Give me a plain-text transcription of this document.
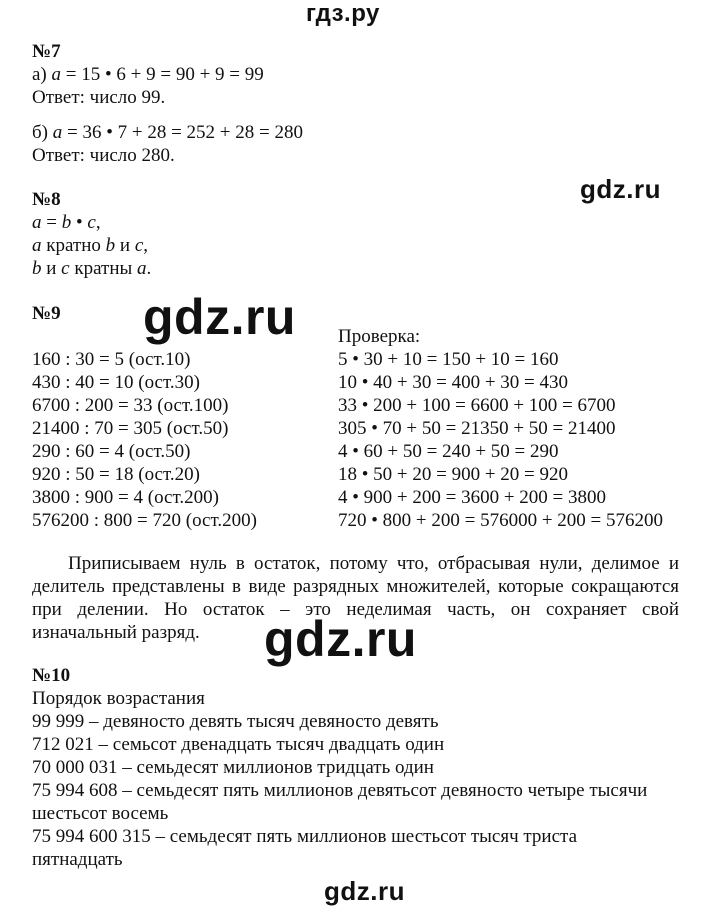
гдз.ру
gdz.ru
gdz.ru
gdz.ru
gdz.ru
№7
а) a = 15 • 6 + 9 = 90 + 9 = 99
Ответ: число 99.
б) a = 36 • 7 + 28 = 252 + 28 = 280
Ответ: число 280.
№8
a = b • c,
a кратно b и c,
b и c кратны a.
№9
Проверка:
160 : 30 = 5 (ост.10)
430 : 40 = 10 (ост.30)
6700 : 200 = 33 (ост.100)
21400 : 70 = 305 (ост.50)
290 : 60 = 4 (ост.50)
920 : 50 = 18 (ост.20)
3800 : 900 = 4 (ост.200)
576200 : 800 = 720 (ост.200)
5 • 30 + 10 = 150 + 10 = 160
10 • 40 + 30 = 400 + 30 = 430
33 • 200 + 100 = 6600 + 100 = 6700
305 • 70 + 50 = 21350 + 50 = 21400
4 • 60 + 50 = 240 + 50 = 290
18 • 50 + 20 = 900 + 20 = 920
4 • 900 + 200 = 3600 + 200 = 3800
720 • 800 + 200 = 576000 + 200 = 576200
Приписываем нуль в остаток, потому что, отбрасывая нули, делимое и делитель представлены в виде разрядных множителей, которые сокращаются при делении. Но остаток – это неделимая часть, он сохраняет свой изначальный разряд.
№10
Порядок возрастания
99 999 – девяносто девять тысяч девяносто девять
712 021 – семьсот двенадцать тысяч двадцать один
70 000 031 – семьдесят миллионов тридцать один
75 994 608 – семьдесят пять миллионов девятьсот девяносто четыре тысячи
шестьсот восемь
75 994 600 315 – семьдесят пять миллионов шестьсот тысяч триста
пятнадцать
